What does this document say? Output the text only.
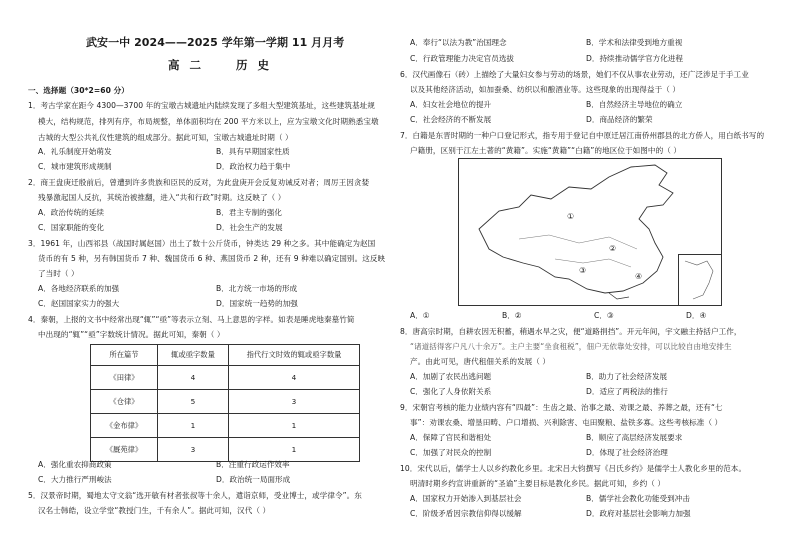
武安一中 2024——2025 学年第一学期 11 月月考
高二 历史
一、选择题（30*2=60 分）
1．考古学家在距今 4300—3700 年的宝墩古城遗址内陆续发现了多组大型建筑基址，这些建筑基址规
模大，结构规范，排列有序，布局规整，单体面积均在 200 平方米以上，应为宝墩文化时期熟悉宝墩
古城的大型公共礼仪性建筑的组成部分。据此可知，宝墩古城遗址时期（ ）
A．礼乐制度开始萌发	B．具有早期国家性质
C．城市建筑形成规制	D．政治权力趋于集中
2．商王盘庚迁殷前后，曾遭到许多贵族和臣民的反对，为此盘庚开会反复劝诫反对者；周厉王因贪婪
残暴激起国人反抗，其统治被推翻，进入“共和行政”时期。这反映了（ ）
A．政治传统的延续	B．君主专制的强化
C．国家职能的变化	D．社会生产的发展
3．1961 年，山西祁县（战国时属赵国）出土了数十公斤货币，钟类达 29 种之多。其中能确定为赵国
货币的有 5 种，另有韩国货币 7 种、魏国货币 6 种、燕国货币 2 种，还有 9 种难以确定国别。这反映
了当时（ ）
A．各地经济联系的加强	B．北方统一市场的形成
C．赵国国家实力的强大	D．国家统一趋势的加强
4．秦朝，上报的文书中经常出现“辄”“亟”等表示立刻、马上意思的字样。如表是睡虎地秦墓竹简
中出现的“辄”“亟”字数统计情况。据此可知，秦朝（ ）
所在篇节	辄或亟字数量	指代行文时效的辄或亟字数量
《田律》	4	4
《仓律》	5	3
《金布律》	1	1
《厩苑律》	3	1
A．强化重农抑商政策	B．注重行政运作效率
C．大力推行严刑峻法	D．政治统一局面形成
5．汉景帝时期，蜀地太守文翁“选开敏有材者张叔等十余人，遣诣京师，受业博士，或学律令”。东
汉名士韩皓，设立学堂“教授门生，千有余人”。据此可知，汉代（ ）
A．奉行“以法为教”治国理念	B．学术和法律受到地方重视
C．行政管理能力决定官员选拔	D．持续推动儒学官方化进程
6．汉代画像石（砖）上描绘了大量妇女参与劳动的场景，她们不仅从事农业劳动，还广泛涉足于手工业
以及其他经济活动，如加蚕桑、纺织以和酿酒业等。这些现象的出现得益于（ ）
A．妇女社会地位的提升	B．自然经济主导地位的确立
C．社会经济的不断发展	D．商品经济的繁荣
7．白籍是东晋时期的一种户口登记形式，指专用于登记自中原迁居江南侨州郡县的北方侨人，用白纸书写的
户籍册，区别于江左土著的“黄籍”。实施“黄籍”“白籍”的地区位于如图中的（ ）
①
②
③
④
A．①	B．②	C．③	D．④
8．唐高宗时期，自耕农因无积蓄，稍遇水旱之灾，便“道路捐挡”。开元年间，宇文融主持括户工作，
“诸道括得客户凡八十余万”。主户主要“坐食租税”，佃户无依靠处安排，可以比较自由地安排生
产。由此可见，唐代租佃关系的发展（ ）
A．加剧了农民出逃问题	B．助力了社会经济发展
C．强化了人身依附关系	D．适应了两税法的推行
9．宋朝官考核的能力业绩内容有“四最”：生齿之最、治事之最、劝课之最、养葬之最，还有“七
事”：劝课农桑、增垦田畴、户口增损、兴利除害、屯田聚粮、盐铁多寡。这些考核标准（ ）
A．保障了官民和谐相处	B．顺应了高层经济发展要求
C．加强了对民众的控制	D．体现了社会经济治理
10．宋代以后，儒学士人以乡约教化乡里。北宋吕大钧撰写《吕氏乡约》是儒学士人教化乡里的范本。
明清时期乡约宣讲重新的“圣谕”主要目标是教化乡民。据此可知，乡约（ ）
A．国家权力开始渗入到基层社会	B．儒学社会教化功能受到冲击
C．阶级矛盾因宗教信仰得以缓解	D．政府对基层社会影响力加强
